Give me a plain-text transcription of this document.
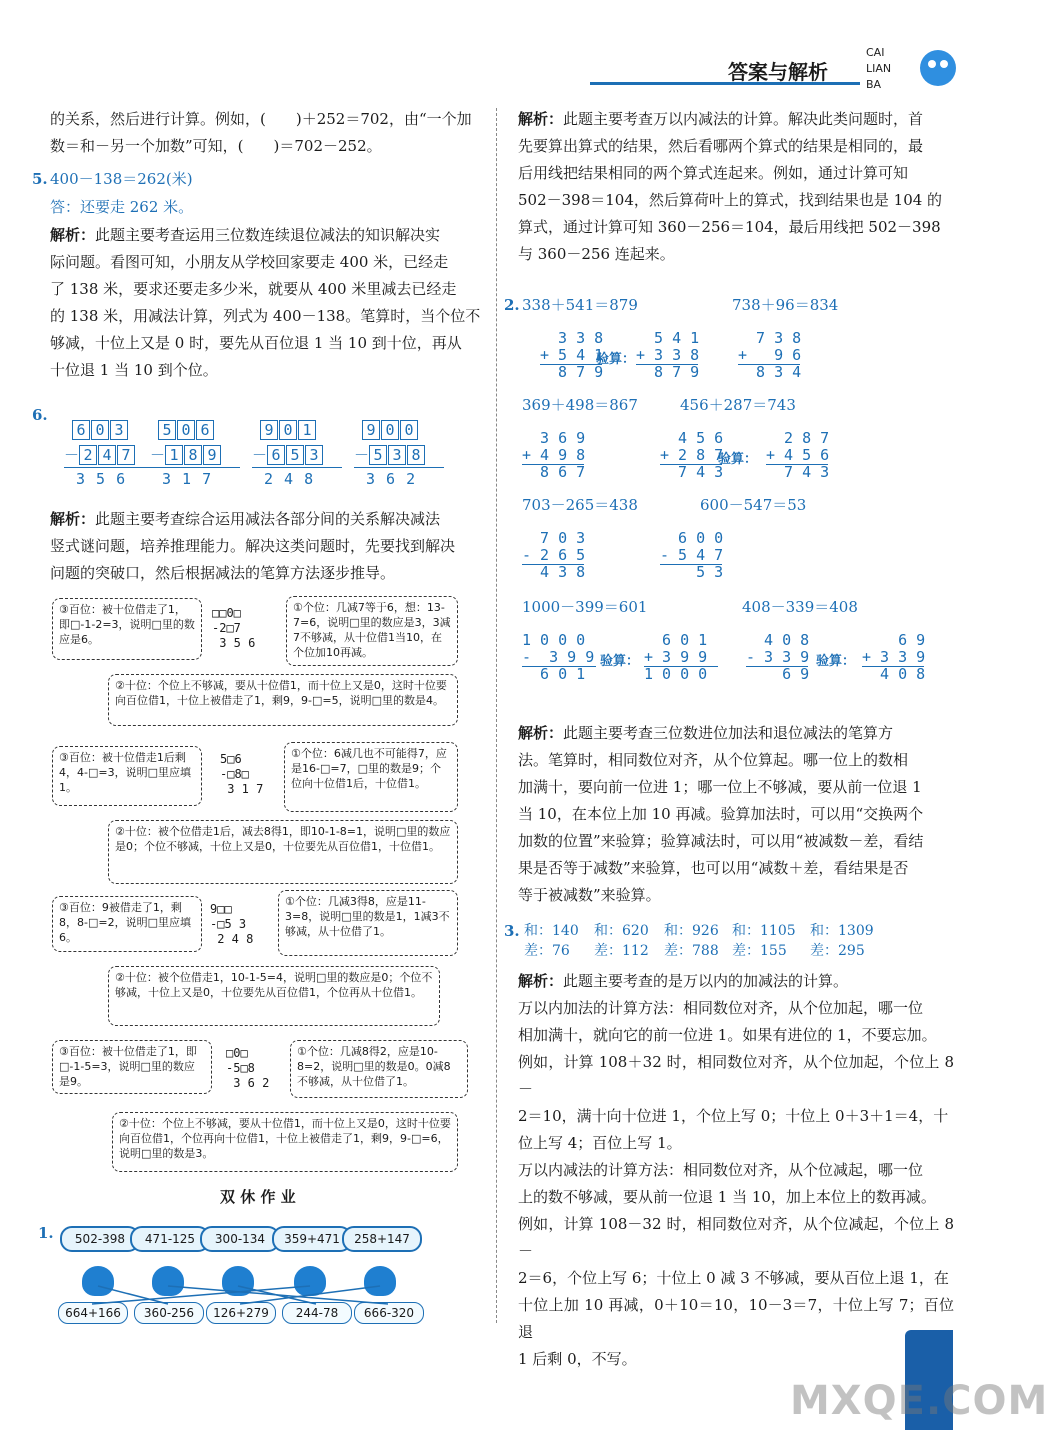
答案与解析
CAI
LIAN
BA

的关系，然后进行计算。例如，(　　)＋252＝702，由“一个加

数＝和－另一个加数”可知，(　　)＝702－252。

5. 400－138＝262(米)
答：还要走 262 米。

解析：此题主要考查运用三位数连续退位减法的知识解决实

际问题。看图可知，小朋友从学校回家要走 400 米，已经走

了 138 米，要求还要走多少米，就要从 400 米里减去已经走

的 138 米，用减法计算，列式为 400－138。笔算时，当个位不

够减，十位上又是 0 时，要先从百位退 1 当 10 到十位，再从

十位退 1 当 10 到个位。

6.
6 0 3
－ 2 4 7
3 5 6
5 0 6
－ 1 8 9
3 1 7
9 0 1
－ 6 5 3
2 4 8
9 0 0
－ 5 3 8
3 6 2

解析：此题主要考查综合运用减法各部分间的关系解决减法

竖式谜问题，培养推理能力。解决这类问题时，先要找到解决

问题的突破口，然后根据减法的笔算方法逐步推导。

③百位：被十位借走了1，即□-1-2=3，说明□里的数应是6。
□□0□
-2□7
3 5 6
①个位：几减7等于6，想：13-7=6，说明□里的数应是3，3减7不够减，从十位借1当10，在个位加10再减。
②十位：个位上不够减，要从十位借1，而十位上又是0，这时十位要向百位借1，十位上被借走了1，剩9，9-□=5，说明□里的数是4。
③百位：被十位借走1后剩4，4-□=3，说明□里应填1。
5□6
-□8□
3 1 7
①个位：6减几也不可能得7，应是16-□=7，□里的数是9；个位向十位借1后，十位借1。
②十位：被个位借走1后，减去8得1，即10-1-8=1，说明□里的数应是0；个位不够减，十位上又是0，十位要先从百位借1，十位借1。
③百位：9被借走了1，剩8，8-□=2，说明□里应填6。
9□□
-□5 3
2 4 8
①个位：几减3得8，应是11-3=8，说明□里的数是1，1减3不够减，从十位借了1。
②十位：被个位借走1，10-1-5=4，说明□里的数应是0；个位不够减，十位上又是0，十位要先从百位借1，个位再从十位借1。
③百位：被十位借走了1，即□-1-5=3，说明□里的数应是9。
□0□
-5□8
3 6 2
①个位：几减8得2，应是10-8=2，说明□里的数是0。0减8不够减，从十位借了1。
②十位：个位上不够减，要从十位借1，而十位上又是0，这时十位要向百位借1，个位再向十位借1，十位上被借走了1，剩9，9-□=6，说明□里的数是3。
双 休 作 业
1.	502-398	471-125	300-134	359+471	258+147
664+166	360-256	126+279	244-78	666-320

解析：此题主要考查万以内减法的计算。解决此类问题时，首

先要算出算式的结果，然后看哪两个算式的结果是相同的，最

后用线把结果相同的两个算式连起来。例如，通过计算可知

502－398＝104，然后算荷叶上的算式，找到结果也是 104 的

算式，通过计算可知 360－256＝104，最后用线把 502－398

与 360－256 连起来。

2. 338＋541＝879	738＋96＝834
369＋498＝867	456＋287＝743
703－265＝438	600－547＝53
1000－399＝601	408－339＝408
3 3 8
+ 5 4 1
8 7 9
5 4 1
+ 3 3 8
8 7 9
7 3 8
+   9 6
8 3 4
3 6 9
+ 4 9 8
8 6 7
4 5 6
+ 2 8 7
7 4 3
2 8 7
+ 4 5 6
7 4 3
7 0 3
- 2 6 5
4 3 8
6 0 0
- 5 4 7
5 3
1 0 0 0
-  3 9 9
6 0 1
6 0 1
+ 3 9 9
1 0 0 0
4 0 8
- 3 3 9
6 9
6 9
+ 3 3 9
4 0 8
验算：
验算：
验算：	验算：

解析：此题主要考查三位数进位加法和退位减法的笔算方

法。笔算时，相同数位对齐，从个位算起。哪一位上的数相

加满十，要向前一位进 1；哪一位上不够减，要从前一位退 1

当 10，在本位上加 10 再减。验算加法时，可以用“交换两个

加数的位置”来验算；验算减法时，可以用“被减数－差，看结

果是否等于减数”来验算，也可以用“减数＋差，看结果是否

等于被减数”来验算。

3. 和：140
差：76
和：620
差：112
和：926
差：788
和：1105
差：155
和：1309
差：295

解析：此题主要考查的是万以内的加减法的计算。

万以内加法的计算方法：相同数位对齐，从个位加起，哪一位

相加满十，就向它的前一位进 1。如果有进位的 1，不要忘加。

例如，计算 108＋32 时，相同数位对齐，从个位加起，个位上 8－

2＝10，满十向十位进 1，个位上写 0；十位上 0＋3＋1＝4，十

位上写 4；百位上写 1。

万以内减法的计算方法：相同数位对齐，从个位减起，哪一位

上的数不够减，要从前一位退 1 当 10，加上本位上的数再减。

例如，计算 108－32 时，相同数位对齐，从个位减起，个位上 8－

2＝6，个位上写 6；十位上 0 减 3 不够减，要从百位上退 1，在

十位上加 10 再减，0＋10＝10，10－3＝7，十位上写 7；百位退

1 后剩 0，不写。

MXQE.COM
